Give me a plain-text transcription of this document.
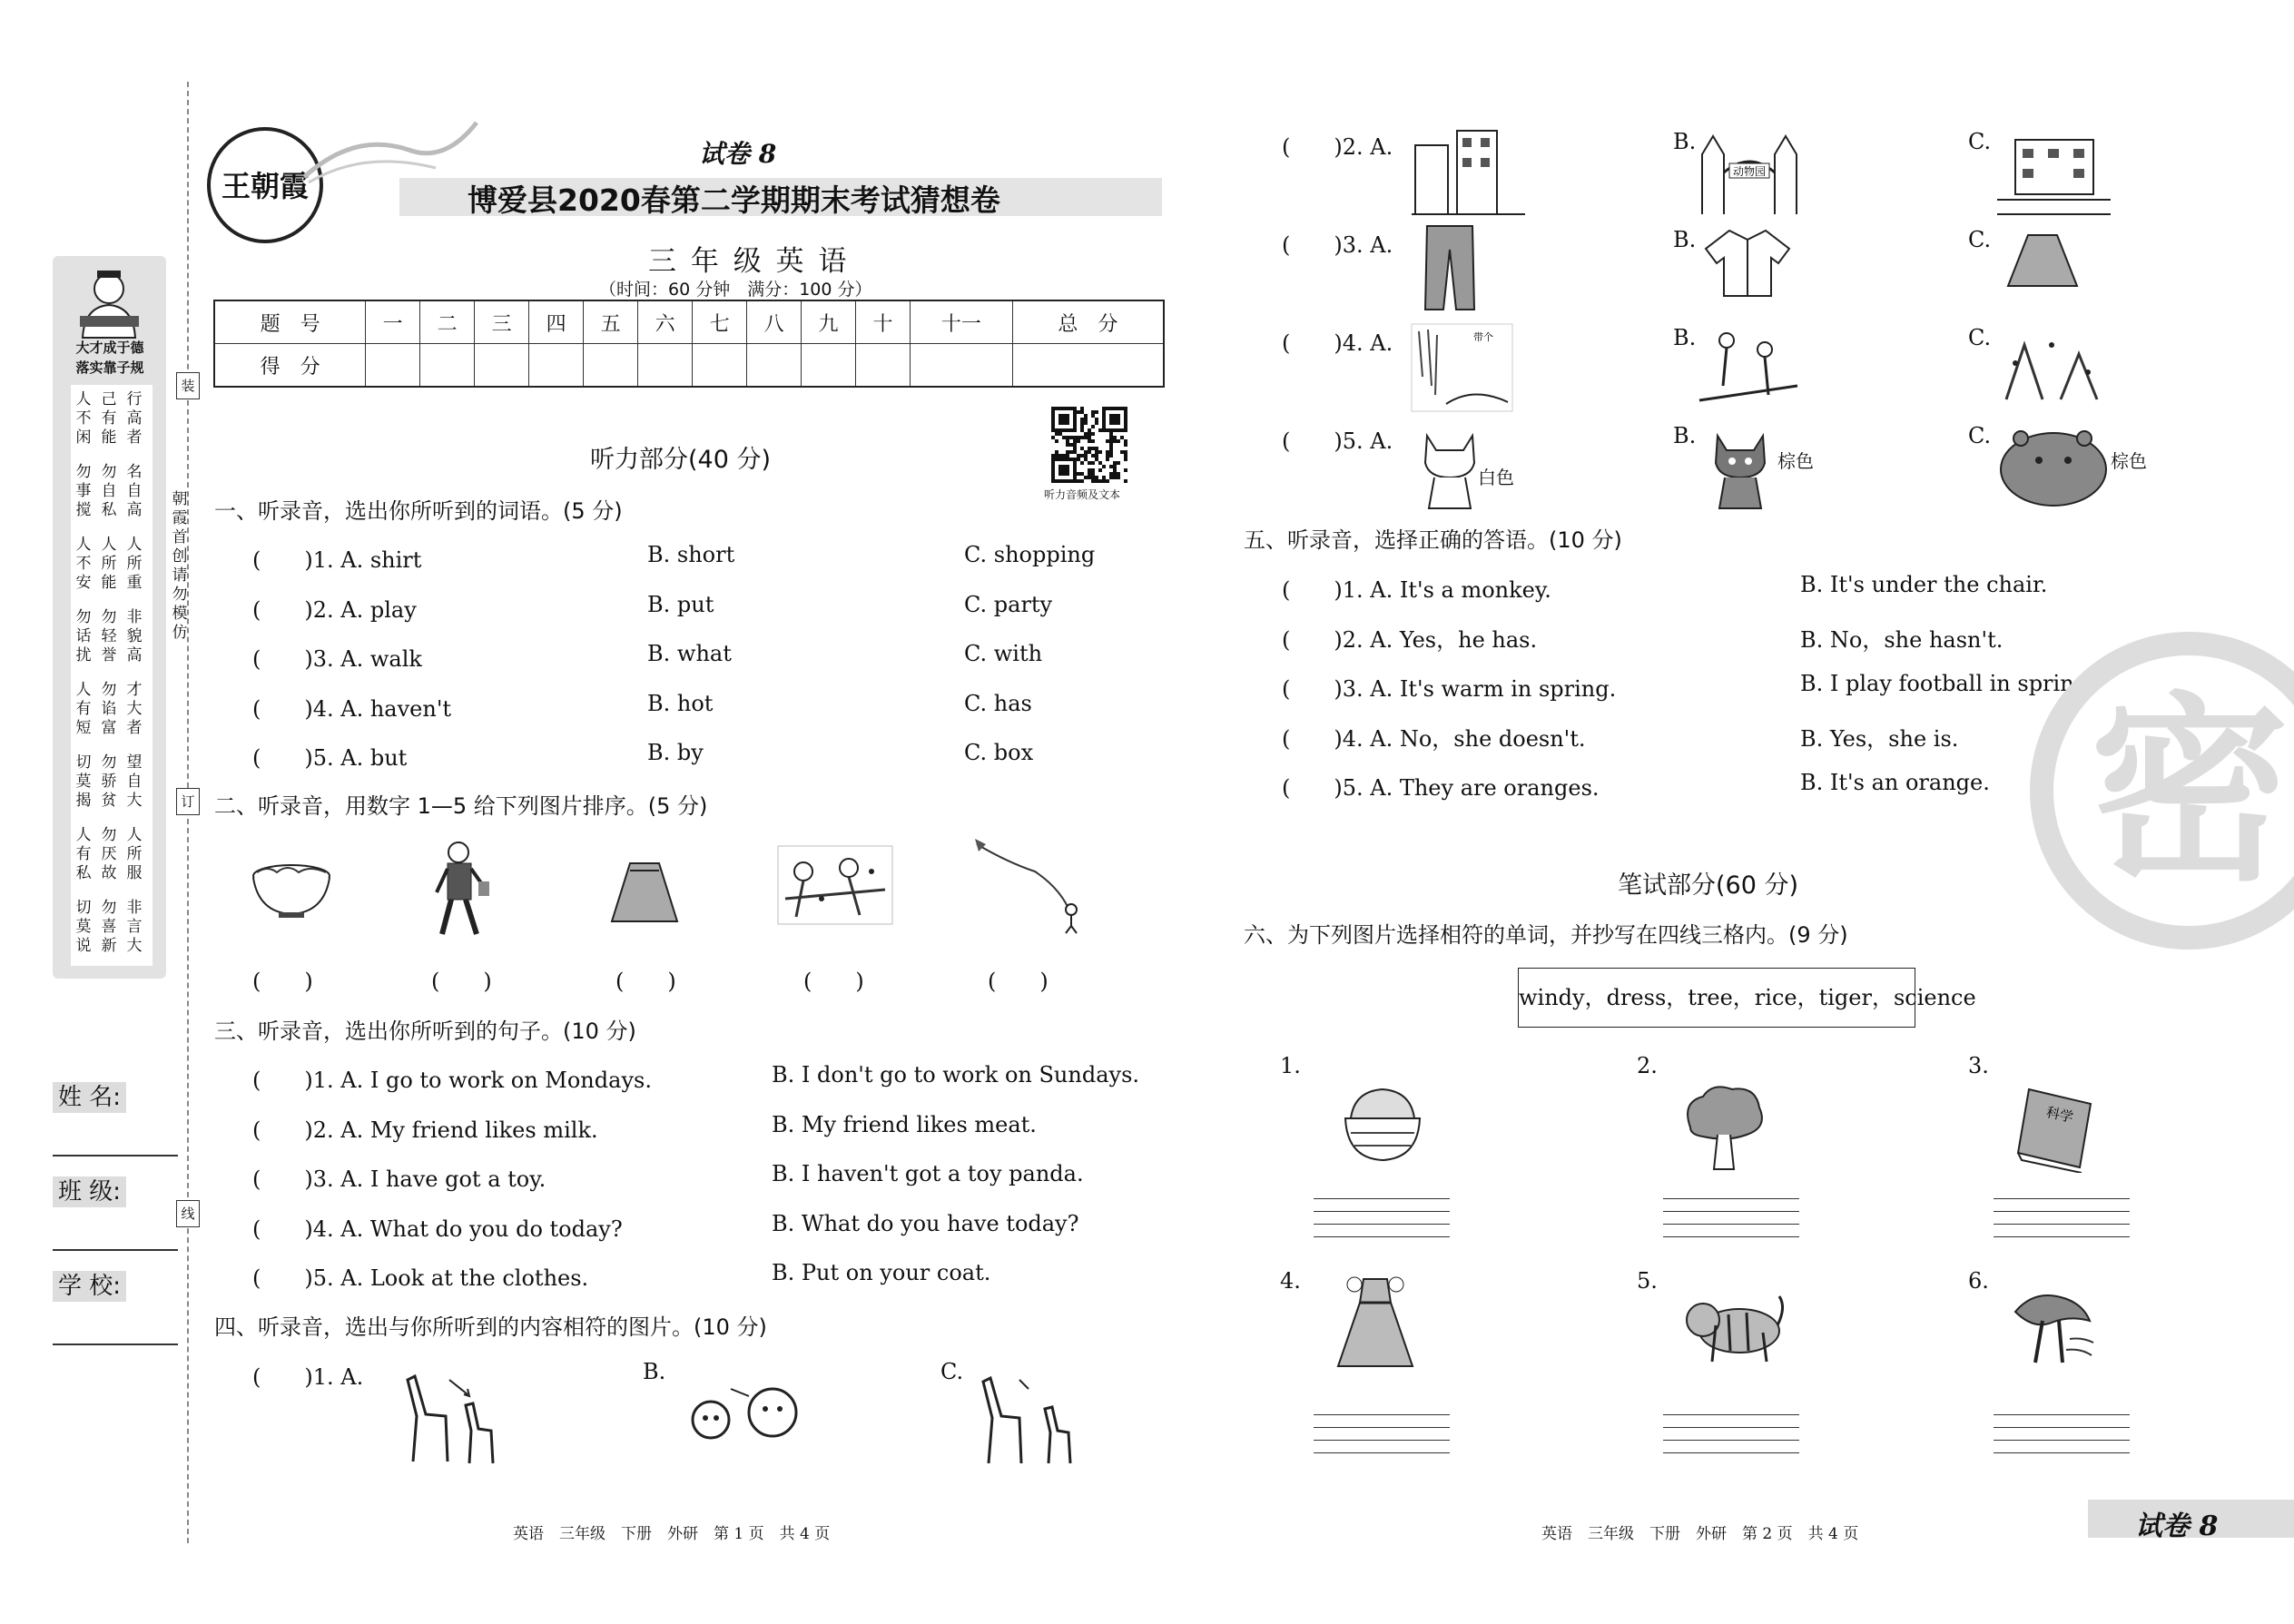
大才成于德
落实靠子规
人
不
闲
己
有
能
行
高
者
勿
事
搅
勿
自
私
名
自
高
人
不
安
人
所
能
人
所
重
勿
话
扰
勿
轻
誉
非
貌
高
人
有
短
勿
谄
富
才
大
者
切
莫
揭
勿
骄
贫
望
自
大
人
有
私
勿
厌
故
人
所
服
切
莫
说
勿
喜
新
非
言
大
朝
霞
首
创
请
勿
模
仿
装
订
线
姓 名:
班 级:
学 校:
王朝霞
试卷 8
博爱县2020春第二学期期末考试猜想卷
三 年 级 英 语
（时间：60 分钟　满分：100 分）
题　号	一	二	三	四	五	六	七	八	九	十	十一	总　分
得　分												
听力音频及文本
听力部分(40 分)
一、听录音，选出你所听到的词语。(5 分)
(　　)1. A. shirt	B. short	C. shopping
(　　)2. A. play	B. put	C. party
(　　)3. A. walk	B. what	C. with
(　　)4. A. haven't	B. hot	C. has
(　　)5. A. but	B. by	C. box
二、听录音，用数字 1—5 给下列图片排序。(5 分)
(　　)	(　　)	(　　)	(　　)	(　　)
三、听录音，选出你所听到的句子。(10 分)
(　　)1. A. I go to work on Mondays.	B. I don't go to work on Sundays.
(　　)2. A. My friend likes milk.	B. My friend likes meat.
(　　)3. A. I have got a toy.	B. I haven't got a toy panda.
(　　)4. A. What do you do today?	B. What do you have today?
(　　)5. A. Look at the clothes.	B. Put on your coat.
四、听录音，选出与你所听到的内容相符的图片。(10 分)
(　　)1. A.	B.	C.
(　　)2. A.	B.	C.
(　　)3. A.	B.	C.
(　　)4. A.	B.	C.
(　　)5. A.	B.	C.
动物园
带个
白色
棕色	棕色
五、听录音，选择正确的答语。(10 分)
(　　)1. A. It's a monkey.	B. It's under the chair.
(　　)2. A. Yes，he has.	B. No，she hasn't.
(　　)3. A. It's warm in spring.	B. I play football in spring.
(　　)4. A. No，she doesn't.	B. Yes，she is.
(　　)5. A. They are oranges.	B. It's an orange.
笔试部分(60 分)
六、为下列图片选择相符的单词，并抄写在四线三格内。(9 分)
windy，dress，tree，rice，tiger，science
1.	2.	3.
4.	5.	6.
科学
密
英语　三年级　下册　外研　第 1 页　共 4 页	英语　三年级　下册　外研　第 2 页　共 4 页	试卷 8
